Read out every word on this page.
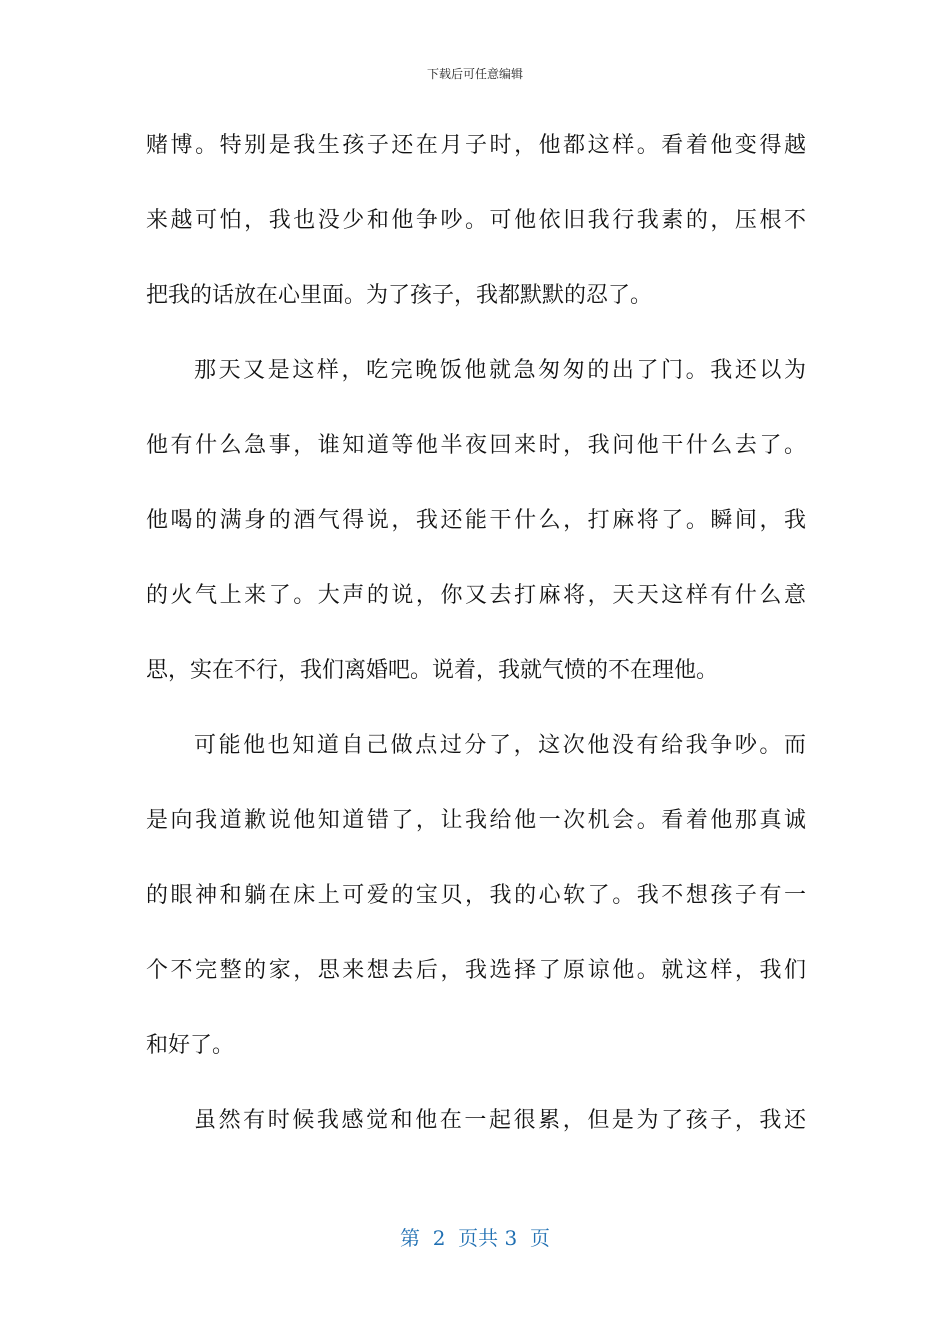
下载后可任意编辑
赌博。特别是我生孩子还在月子时，他都这样。看着他变得越
来越可怕，我也没少和他争吵。可他依旧我行我素的，压根不
把我的话放在心里面。为了孩子，我都默默的忍了。
那天又是这样，吃完晚饭他就急匆匆的出了门。我还以为
他有什么急事，谁知道等他半夜回来时，我问他干什么去了。
他喝的满身的酒气得说，我还能干什么，打麻将了。瞬间，我
的火气上来了。大声的说，你又去打麻将，天天这样有什么意
思，实在不行，我们离婚吧。说着，我就气愤的不在理他。
可能他也知道自己做点过分了，这次他没有给我争吵。而
是向我道歉说他知道错了，让我给他一次机会。看着他那真诚
的眼神和躺在床上可爱的宝贝，我的心软了。我不想孩子有一
个不完整的家，思来想去后，我选择了原谅他。就这样，我们
和好了。
虽然有时候我感觉和他在一起很累，但是为了孩子，我还
第  2  页共 3  页
